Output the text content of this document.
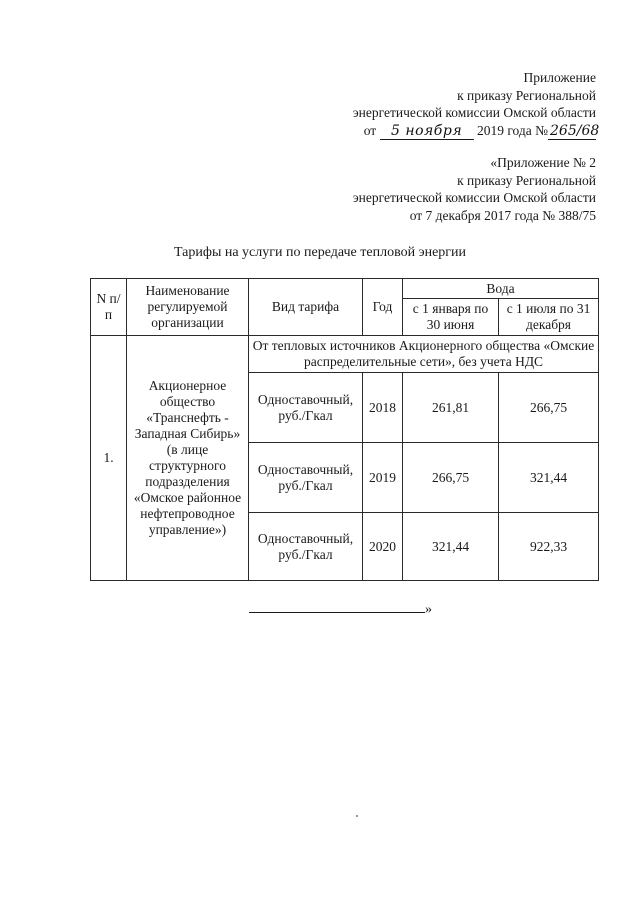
Приложение
к приказу Региональной
энергетической комиссии Омской области
от 5 ноября 2019 года № 265/68
«Приложение № 2
к приказу Региональной
энергетической комиссии Омской области
от 7 декабря 2017 года № 388/75
Тарифы на услуги по передаче тепловой энергии
N п/п	Наименование регулируемой организации	Вид тарифа	Год	Вода	
				с 1 января по 30 июня	с 1 июля по 31 декабря
1.	Акционерное общество «Транснефть - Западная Сибирь» (в лице структурного подразделения «Омское районное нефтепроводное управление»)	От тепловых источников Акционерного общества «Омские распределительные сети», без учета НДС			
		Одноставочный, руб./Гкал	2018	261,81	266,75
		Одноставочный, руб./Гкал	2019	266,75	321,44
		Одноставочный, руб./Гкал	2020	321,44	922,33
»
